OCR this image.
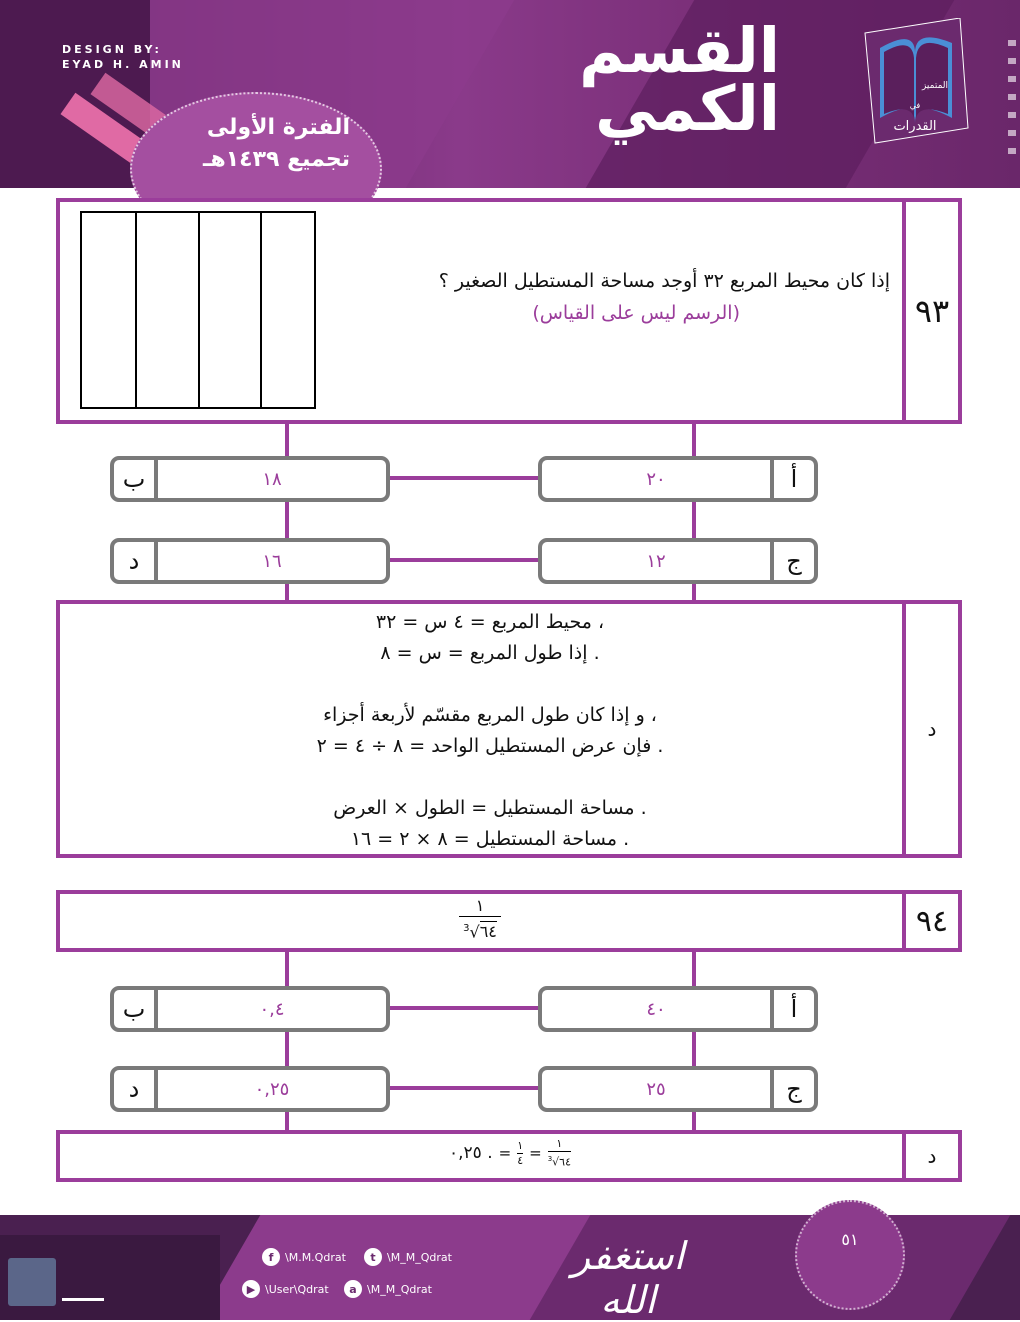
الفترة الأولى
تجميع ١٤٣٩هـ
القسم
الكمي	القدرات
المتميز
في
٩٣
إذا كان محيط المربع ٣٢ أوجد مساحة المستطيل الصغير ؟
(الرسم ليس على القياس)
٢٠	أ
ب	١٨
١٢	ج
د	١٦
د
محيط المربع = ٤ س = ٣٢ ،
إذا طول المربع = س = ٨ .
و إذا كان طول المربع مقسّم لأربعة أجزاء ،
فإن عرض المستطيل الواحد = ٨ ÷ ٤ = ٢ .
مساحة المستطيل = الطول × العرض .
مساحة المستطيل = ٨ × ٢ = ١٦ .
٩٤
١
$^3$√٦٤
٤٠	أ
ب	٠,٤
٢٥	ج
د	٠,٢٥
د
٠,٢٥ . = ١
٤ =
١
$^3$√٦٤
DESIGN BY:
EYAD H. AMIN
f	\M.M.Qdrat	t	\M_M_Qdrat
▶ \User\Qdrat	a \M_M_Qdrat
استغفر الله
٥١
